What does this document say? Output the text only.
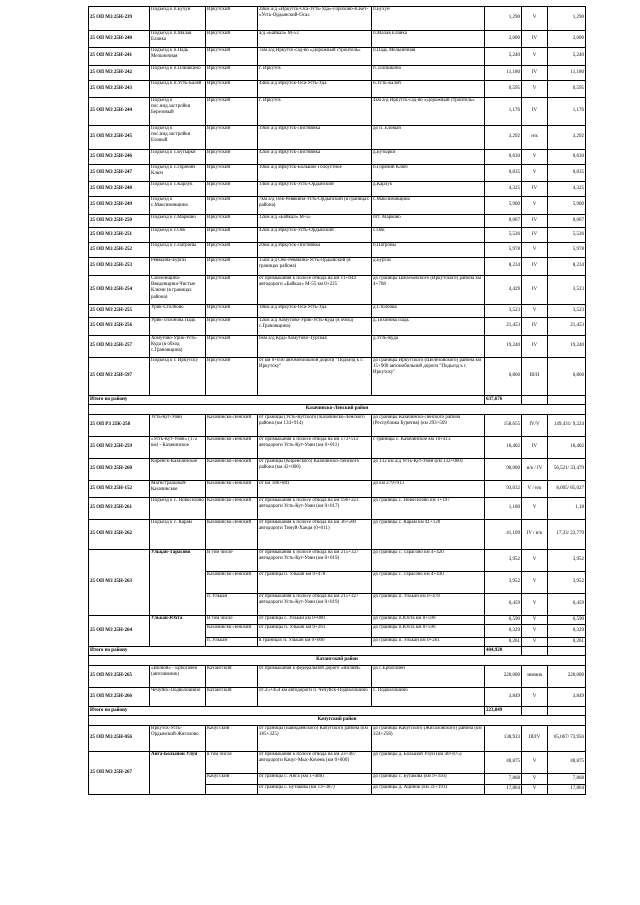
25 ОП МЗ 25Н-239	Подъезд к п.Бухун	Иркутский	28км а/д «Иркутск-Оса-Усть-Уда»-Горохово-В.Кет- «Усть-Ордынский-Оса»	п.Бухун	1,290	V	1,290
25 ОП МЗ 25Н-240	Подъезд к п.Малая Еланка	Иркутский	а/д «Байкал» М-53	п.Малая Еланка	2,000	IV	2,000
25 ОП МЗ 25Н-241	Подъезд к п.Падь Мельничная	Иркутский	7км а/д Иркутск-сад-во «Дорожный строитель»	п.Падь Мельничная	5,240	V	5,240
25 ОП МЗ 25Н-242	Подъезд к п.Плишкино	Иркутский	г. Иркутск	п. Плишкино	11,180	IV	11,180
25 ОП МЗ 25Н-243	Подъезд к п.Усть-Балей	Иркутский	44км а/д Иркутск-Оса-Усть-Уда	п.Усть-Балей	0,595	V	0,595
25 ОП МЗ 25Н-244	Подъезд к пос.инд.застройки Березовый	Иркутский	г. Иркутск	4км а/д Иркутск-сад-во «Дорожный строитель»	1,176	IV	1,176
25 ОП МЗ 25Н-245	Подъезд к пос.инд.застройки Еловый	Иркутский	19км а/д Иркутск-Листвянка	до п. Еловый	3,292	н/к	3,292
25 ОП МЗ 25Н-246	Подъезд к с.Бутырки	Иркутский	42км а/д Иркутск-Листвянка	д.Бутырки	0,630	V	0,630
25 ОП МЗ 25Н-247	Подъезд к с.Горячий Ключ	Иркутский	10км а/д Иркутск-Большое Голоустное	п.Горячий Ключ	0,835	V	0,835
25 ОП МЗ 25Н-248	Подъезд к с.Карлук	Иркутский	14км а/д Иркутск-Усть-Ордынский	д.Карлук	4,325	IV	4,325
25 ОП МЗ 25Н-249	Подъезд к с.Максимовщина	Иркутский	7км а/д Оек-Ревякина-Усть-Ордынский (в границах района)	с.Максимовщина	5,900	V	5,900
25 ОП МЗ 25Н-250	Подъезд к с.Марково	Иркутский	12км а/д «Байкал» М-55	пгт. Марково	8,067	IV	8,067
25 ОП МЗ 25Н-251	Подъезд к с.Оек	Иркутский	42км а/д Иркутск-Усть-Ордынский	с.Оек	5,526	IV	5,526
25 ОП МЗ 25Н-252	Подъезд к с.Патроны	Иркутский	20км а/д Иркутск-Листвянка	п.Патроны	5,978	V	5,978
25 ОП МЗ 25Н-253	Ревякина-Бургаз	Иркутский	15км а/д Оек-Ревякина-Усть-Ордынский (в границах района)	д.Бургаз	8,234	IV	8,234
25 ОП МЗ 25Н-254	Смоленщина-Введенщина-Чистые Ключи (в границах района)	Иркутский	от примыкания к полосе отвода на км 11+844 автодороги «Байкал» М-55 км 0+225	до границы Шелеховского (Иркутского) района км 4+768	4,429	IV	3,523
25 ОП МЗ 25Н-255	Урик-Столбово	Иркутский	18км а/д Иркутск-Оса-Усть-Уда	д.Столбова	3,523	V	3,523
25 ОП МЗ 25Н-256	Урик-Тихонова Падь	Иркутский	12км а/д Хомутово-Урик-Усть-Куда (в обход с.Грановщина)	д.Тихонова Падь	21,453	IV	21,453
25 ОП МЗ 25Н-257	Хомутово-Урик-Усть-Куда (в обход с.Грановщина)	Иркутский	6км а/д Куда-Хомутово-Турская	д.Усть-Куда	19,240	IV	19,240
25 ОП МЗ 25Н-597	Подъезд к г. Иркутску	Иркутский	от км 0+030 автомобильной дороги "Подъезд к г. Иркутску"	до границы Иркутского (Шелеховского) района км 15+900 автомобильной дороги "Подъезд к г. Иркутску"	6,860	III/II	6,860
Итого по району					637,676		
Казачинско-Ленский район							
25 ОП РЗ 25К-258	Усть-Кут-Уоян	Казачинско-Ленский	от границы (Усть-Кутского) Казачинско-Ленского района (км 134+914)	до границы Казачинско-Ленского района (Республика Бурятия) (км 293+569	158,655	IV/V	149,431/ 9,224
25 ОП МЗ 25Н-259	«Усть-Кут-Уоян» (172 км) - Казачинское	Казачинско-Ленский	от примыкания к полосе отвода на км 173+512 автодороги Усть-Кут-Уоян (км 0+011)	с границы с. Казачинское км 16+413	16,402	IV	16,402
25 ОП МЗ 25Н-260	Киренск-Казачинское	Казачинско-Ленский	от границы (Киренского) Казачинско-Ленского района (км 42+000)	до 132 км а/д Усть-Кут-Уоян (км 132+000)	90,000	н/к / IV	56,521/ 33,479
25 ОП МЗ 25Н-152	Магистральный-Казачинское	Казачинско-Ленский	от км 186+881	до км 279+913	93,032	V / н/к	8,005/ 85,027
25 ОП МЗ 25Н-261	Подъезд к с. Новоселово	Казачинско-Ленский	от примыкания к полосе отвода на км 196+323 автодороги Усть-Кут-Уоян (км 0+017)	до границы с. Новоселово км 1+197	1,180	V	1,18
25 ОП МЗ 25Н-262	Подъезд к с. Карам	Казачинско-Ленский	от примыкания к полосе отвода на км 36+500 автодороги Тинуй-Хандя (0+011)	до границы с. Карам км 41+120	41,109	IV / н/к	17,33/ 23,779
25 ОП МЗ 25Н-263	Ульқан-Тарасово	В том числе	от примыкания к полосе отвода на км 215+327 автодороги Усть-Кут-Уоян (км 0+019)	до границы с. Тарасово км 4+420	3,952	V	3,952
		Казачинско-Ленский	от границы п. Улькан км 0+478	до границы с. Тарасово км 4+430	3,952	V	3,952
		п. Улькан	от примыкания к полосе отвода на км 215+327 автодороги Усть-Кут-Уоян (км 0+019)	до границы п. Улькан км 0+478	0,459	V	0,459
25 ОП МЗ 25Н-264	Улькан-Юхта	В том числе	от границы с. Улькан км 0+000	до границы п.Юхта км 0+590	0,590	V	0,590
		Казачинско-Ленский	от границы п. Улькан км 0+261	до границы п.Юхта км 0+590	0,329	V	0,329
		п. Улькан	в границах п. Улькан км 0+000	до границы п. Улькан км 0+261	0,261	V	0,261
Итого по району					404,920		
Катангский район							
25 ОП МЗ 25Н-265	«Вилюй» - Ербогачен (автозимник)	Катангский	от примыкания к федеральной дороге «Вилюй»	до с.Ербогачен	220,000	зимник	220,000
25 ОП МЗ 25Н-266	Чечуйск-Подволошино	Катангский	от 25+454 км автодороги п. Чечуйск-Подволошино	с. Подволошино	3,849	V	3,849
Итого по району					223,849		
Качугский район							
25 ОП МЗ 25Н-056	Иркутск-Усть-Ордынский-Жигалово	Качугский	от границы (Баяндаевского) Качугского района (км 185+325)	до границы Качугского (Жигаловского) района (км 324+258)	138,923	III/IV	65,067/ 73,956
25 ОП МЗ 25Н-267	Анга-Большой Улун	в том числе	от примыкания к полосе отвода на км 23+467 автодороги Качуг-Мыс-Кочень (км 0+000)	до границы д. Большой Улун (км 40+875)	40,875	V	40,875
		Качугский	от границы с. Анга (км 1+488)	до границы с. Бутакова (км 9+356)	7,868	V	7,868
			от границы с. Бутакова (км 13+387)	до границы д. Ацинок (км 31+191)	17,804	V	17,804
